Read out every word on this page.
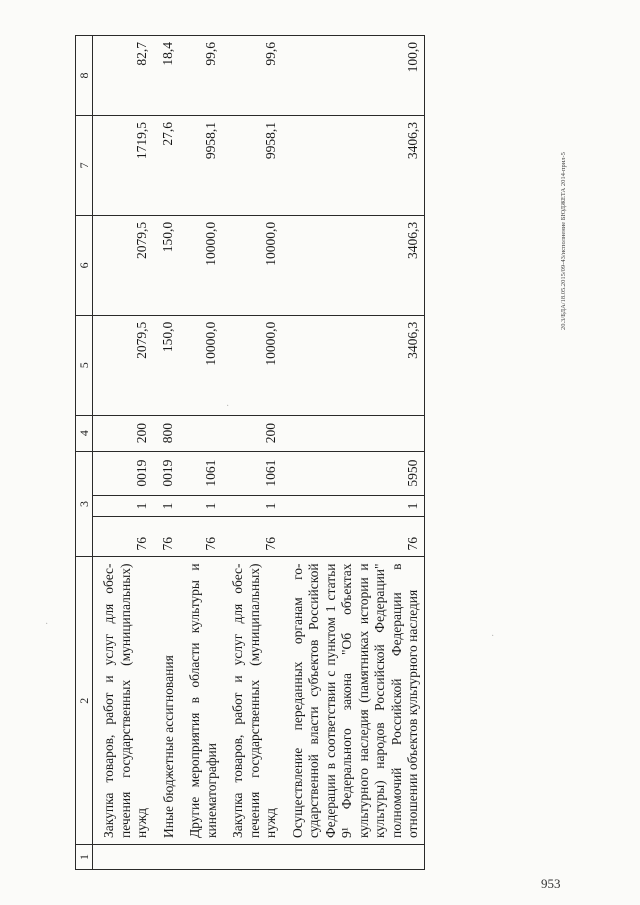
·
·
·
1	2	3			4	5	6	7	8
	Закупка товаров, работ и услуг для обеспечения государственных (муниципальных) нужд	76	1	0019	200	2079,5	2079,5	1719,5	82,7
	Иные бюджетные ассигнования	76	1	0019	800	150,0	150,0	27,6	18,4
	Другие мероприятия в области культуры и кинематографии	76	1	1061		10000,0	10000,0	9958,1	99,6
	Закупка товаров, работ и услуг для обеспечения государственных (муниципальных) нужд	76	1	1061	200	10000,0	10000,0	9958,1	99,6
	Осуществление переданных органам государственной власти субъектов Российской Федерации в соответствии с пунктом 1 статьи 9¹ Федерального закона "Об объектах культурного наследия (памятниках истории и культуры) народов Российской Федерации" полномочий Российской Федерации в отношении объектов культурного наследия	76	1	5950		3406,3	3406,3	3406,3	100,0
20.3/БДА/18.05.2015/09-43/исполнение БЮДЖЕТА 2014-прил-5
953
